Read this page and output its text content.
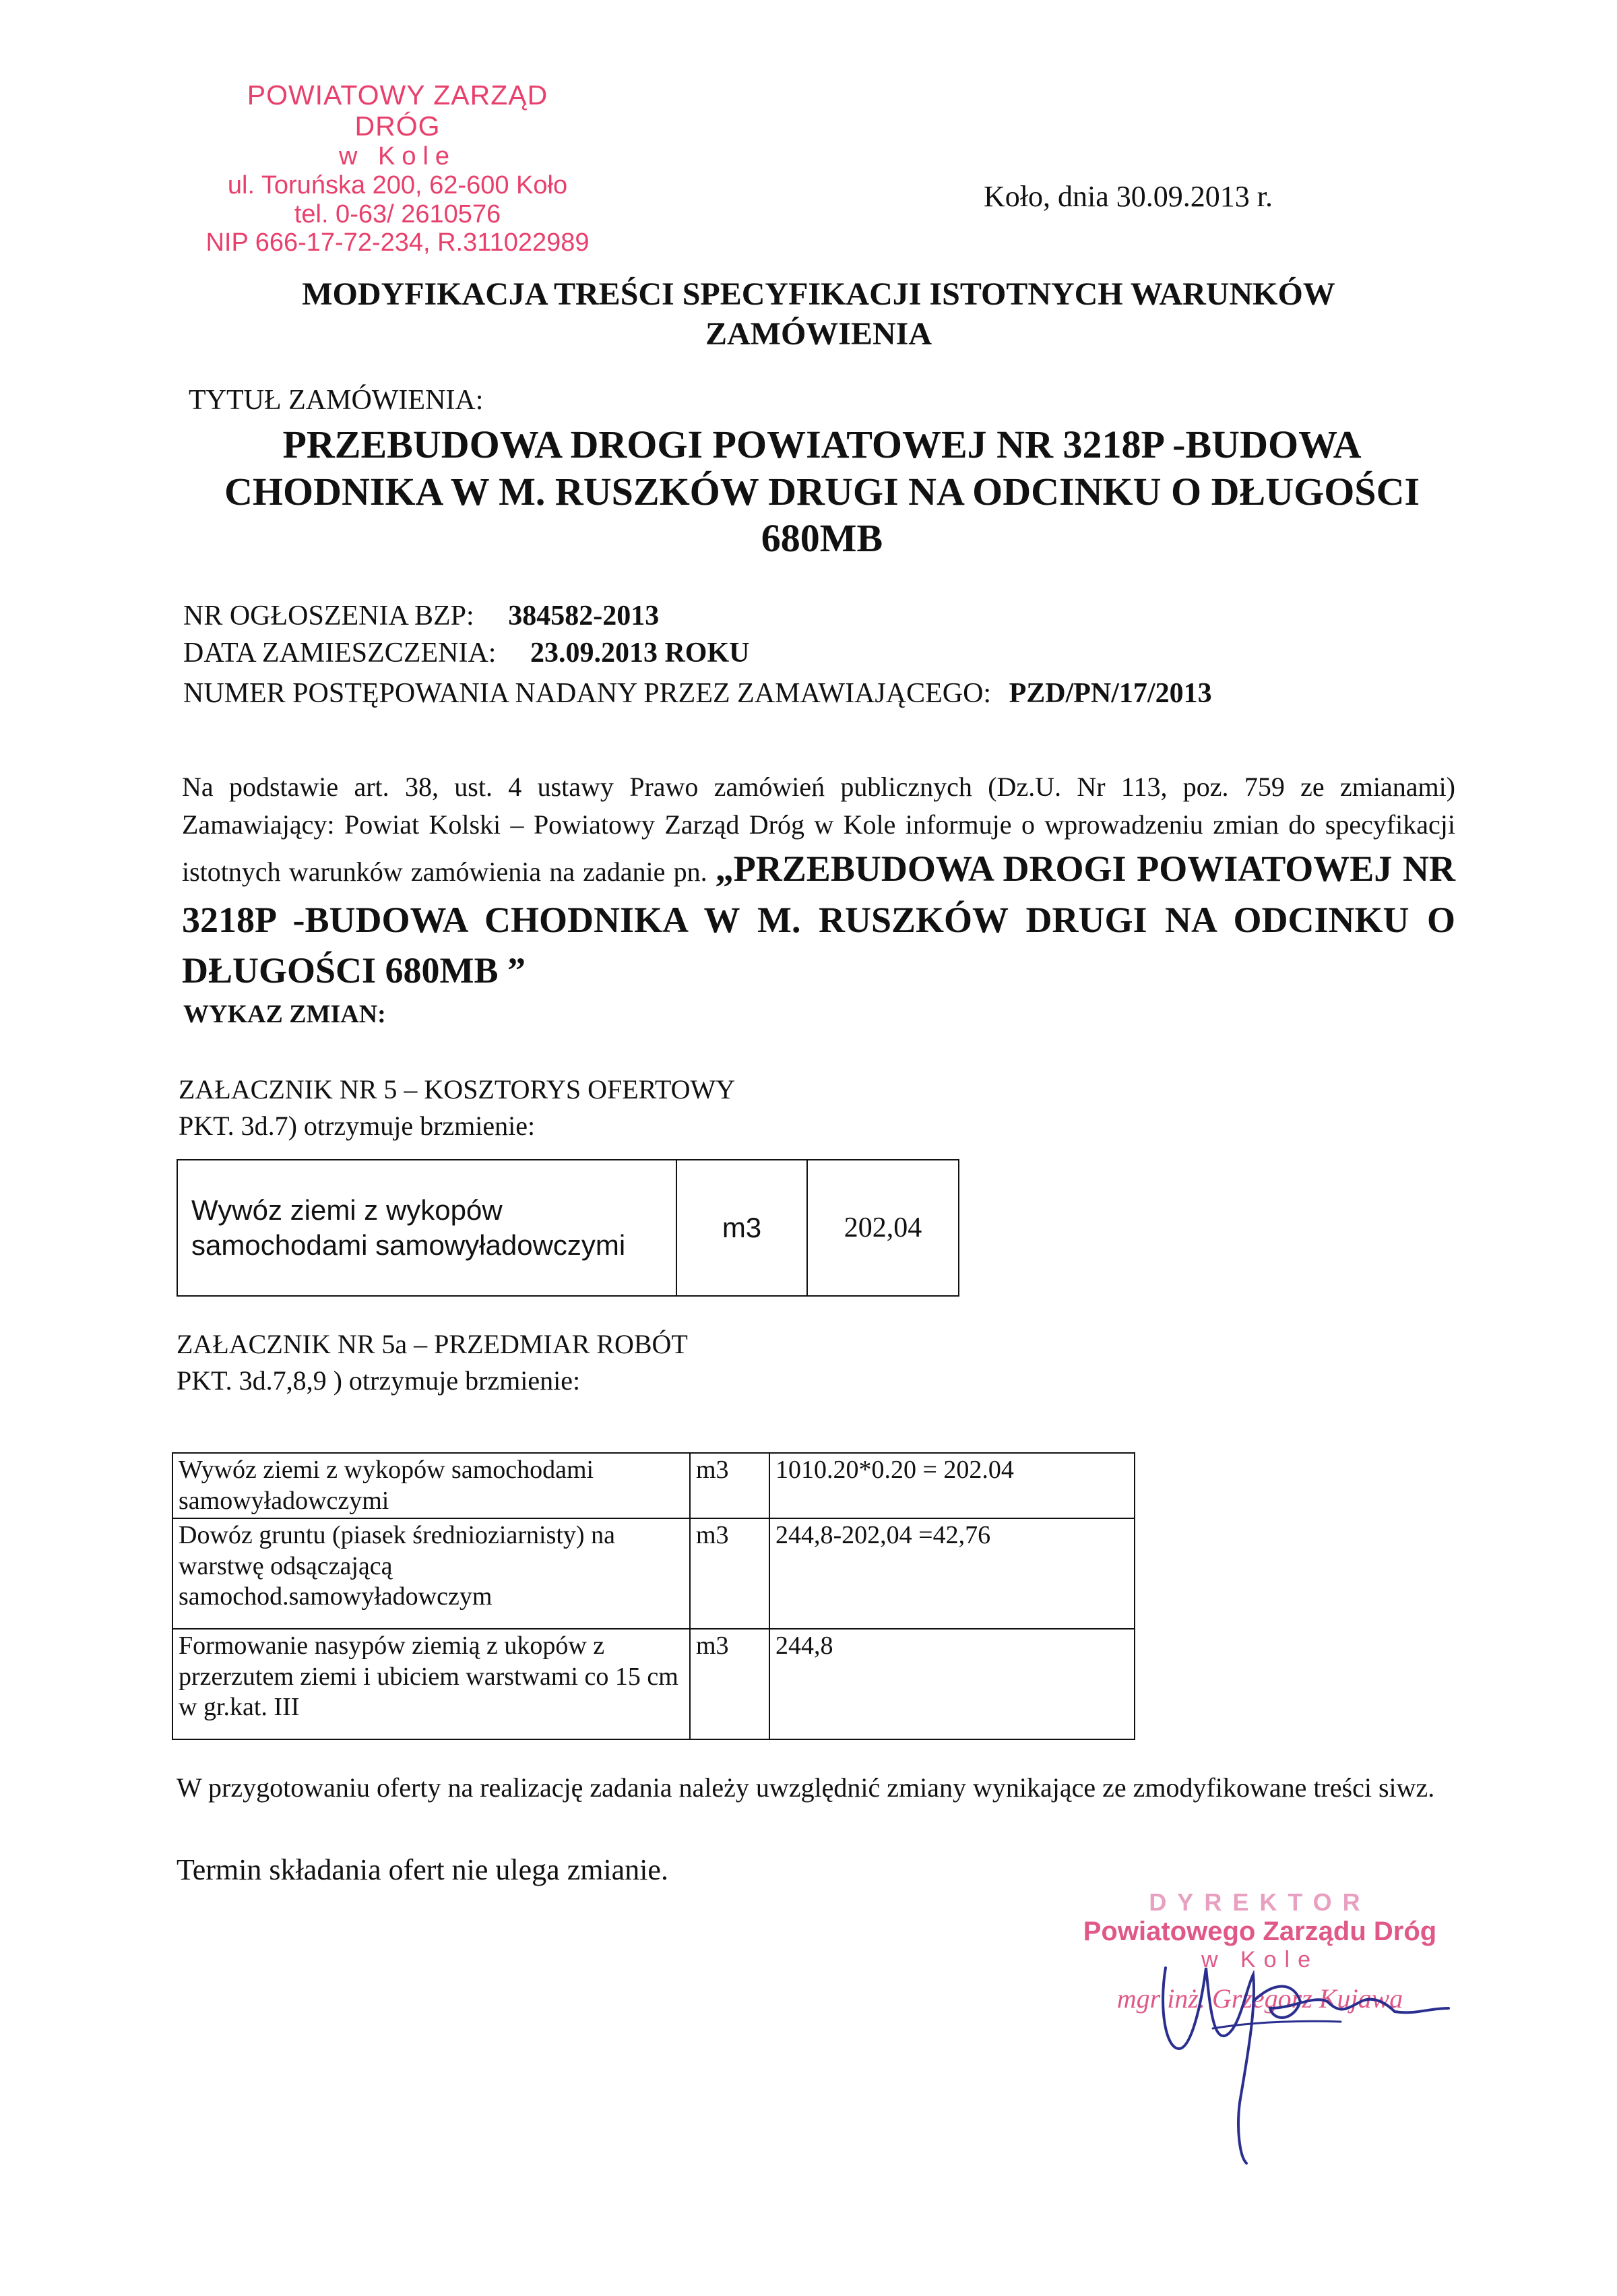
POWIATOWY ZARZĄD DRÓG
w Kole
ul. Toruńska 200, 62-600 Koło
tel. 0-63/ 2610576
NIP 666-17-72-234, R.311022989
Koło, dnia 30.09.2013 r.
MODYFIKACJA TREŚCI SPECYFIKACJI ISTOTNYCH WARUNKÓW
ZAMÓWIENIA
TYTUŁ ZAMÓWIENIA:
PRZEBUDOWA DROGI POWIATOWEJ NR 3218P -BUDOWA
CHODNIKA W M. RUSZKÓW DRUGI NA ODCINKU O DŁUGOŚCI
680MB
NR OGŁOSZENIA BZP: 384582-2013
DATA ZAMIESZCZENIA: 23.09.2013 ROKU
NUMER POSTĘPOWANIA NADANY PRZEZ ZAMAWIAJĄCEGO: PZD/PN/17/2013
Na podstawie art. 38, ust. 4 ustawy Prawo zamówień publicznych (Dz.U. Nr 113, poz. 759 ze zmianami) Zamawiający: Powiat Kolski – Powiatowy Zarząd Dróg w Kole informuje o wprowadzeniu zmian do specyfikacji istotnych warunków zamówienia na zadanie pn. „PRZEBUDOWA DROGI POWIATOWEJ NR 3218P -BUDOWA CHODNIKA W M. RUSZKÓW DRUGI NA ODCINKU O DŁUGOŚCI 680MB ”
WYKAZ ZMIAN:
ZAŁACZNIK NR 5 – KOSZTORYS OFERTOWY
PKT. 3d.7) otrzymuje brzmienie:
Wywóz ziemi z wykopów samochodami samowyładowczymi	m3	202,04
ZAŁACZNIK NR 5a – PRZEDMIAR ROBÓT
PKT. 3d.7,8,9 ) otrzymuje brzmienie:
Wywóz ziemi z wykopów samochodami samowyładowczymi	m3	1010.20*0.20 = 202.04
Dowóz gruntu (piasek średnioziarnisty) na warstwę odsączającą samochod.samowyładowczym	m3	244,8-202,04 =42,76
Formowanie nasypów ziemią z ukopów z przerzutem ziemi i ubiciem warstwami co 15 cm w gr.kat. III	m3	244,8
W przygotowaniu oferty na realizację zadania należy uwzględnić zmiany wynikające ze zmodyfikowane treści siwz.
Termin składania ofert nie ulega zmianie.
DYREKTOR
Powiatowego Zarządu Dróg
w Kole
mgr inż. Grzegorz Kujawa
